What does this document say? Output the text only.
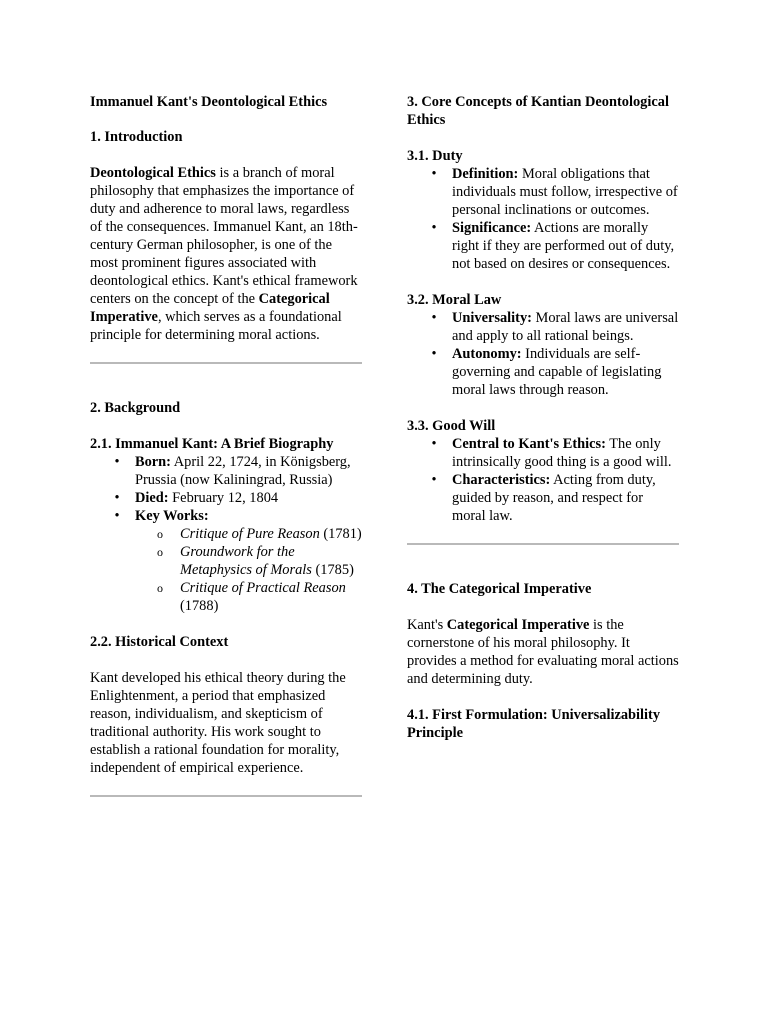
Immanuel Kant's Deontological Ethics

1. Introduction

Deontological Ethics is a branch of moral philosophy that emphasizes the importance of duty and adherence to moral laws, regardless of the consequences. Immanuel Kant, an 18th-century German philosopher, is one of the most prominent figures associated with deontological ethics. Kant's ethical framework centers on the concept of the Categorical Imperative, which serves as a foundational principle for determining moral actions.

2. Background

2.1. Immanuel Kant: A Brief Biography

• Born: April 22, 1724, in Königsberg, Prussia (now Kaliningrad, Russia)
• Died: February 12, 1804
• Key Works:
o Critique of Pure Reason (1781)
o Groundwork for the Metaphysics of Morals (1785)
o Critique of Practical Reason (1788)

2.2. Historical Context

Kant developed his ethical theory during the Enlightenment, a period that emphasized reason, individualism, and skepticism of traditional authority. His work sought to establish a rational foundation for morality, independent of empirical experience.

3. Core Concepts of Kantian Deontological Ethics

3.1. Duty

• Definition: Moral obligations that individuals must follow, irrespective of personal inclinations or outcomes.
• Significance: Actions are morally right if they are performed out of duty, not based on desires or consequences.

3.2. Moral Law

• Universality: Moral laws are universal and apply to all rational beings.
• Autonomy: Individuals are self-governing and capable of legislating moral laws through reason.

3.3. Good Will

• Central to Kant's Ethics: The only intrinsically good thing is a good will.
• Characteristics: Acting from duty, guided by reason, and respect for moral law.

4. The Categorical Imperative

Kant's Categorical Imperative is the cornerstone of his moral philosophy. It provides a method for evaluating moral actions and determining duty.

4.1. First Formulation: Universalizability Principle
